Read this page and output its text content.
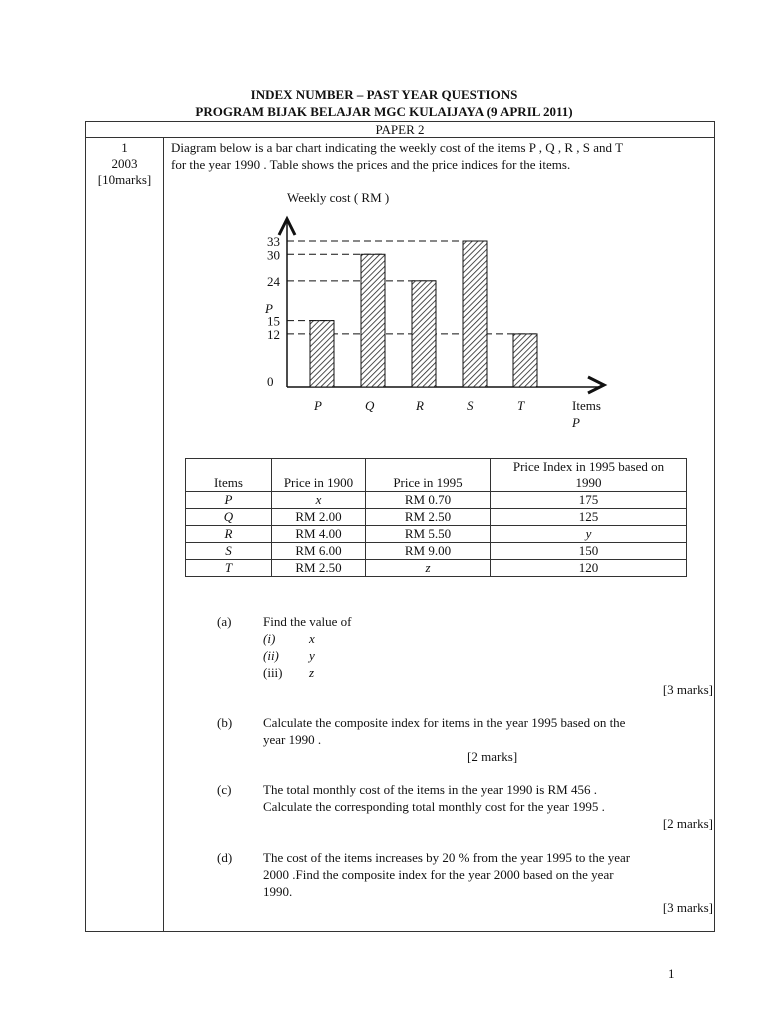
INDEX NUMBER – PAST YEAR QUESTIONS
PROGRAM BIJAK BELAJAR MGC KULAIJAYA (9 APRIL 2011)
PAPER 2
1
2003
[10marks]
Diagram below is a bar chart indicating the weekly cost of the items P , Q , R , S and T
for the year 1990 . Table shows the prices and the price indices for the items.
Weekly cost ( RM )
33
30
24
15
12
0
P	Q	R	S	T
P
Items
P
Items	Price in 1900	Price in 1995	Price Index in 1995 based on 1990
P	x	RM 0.70	175
Q	RM 2.00	RM 2.50	125
R	RM 4.00	RM 5.50	y
S	RM 6.00	RM 9.00	150
T	RM 2.50	z	120
(a) Find the value of
(i)	x
(ii) y
(iii) z
[3 marks]
(b) Calculate the composite index for items in the year 1995 based on the
year 1990 .
[2 marks]
(c) The total monthly cost of the items in the year 1990 is RM 456 .
Calculate the corresponding total monthly cost for the year 1995 .
[2 marks]
(d) The cost of the items increases by 20 % from the year 1995 to the year
2000 .Find the composite index for the year 2000 based on the year
1990.
[3 marks]
1
